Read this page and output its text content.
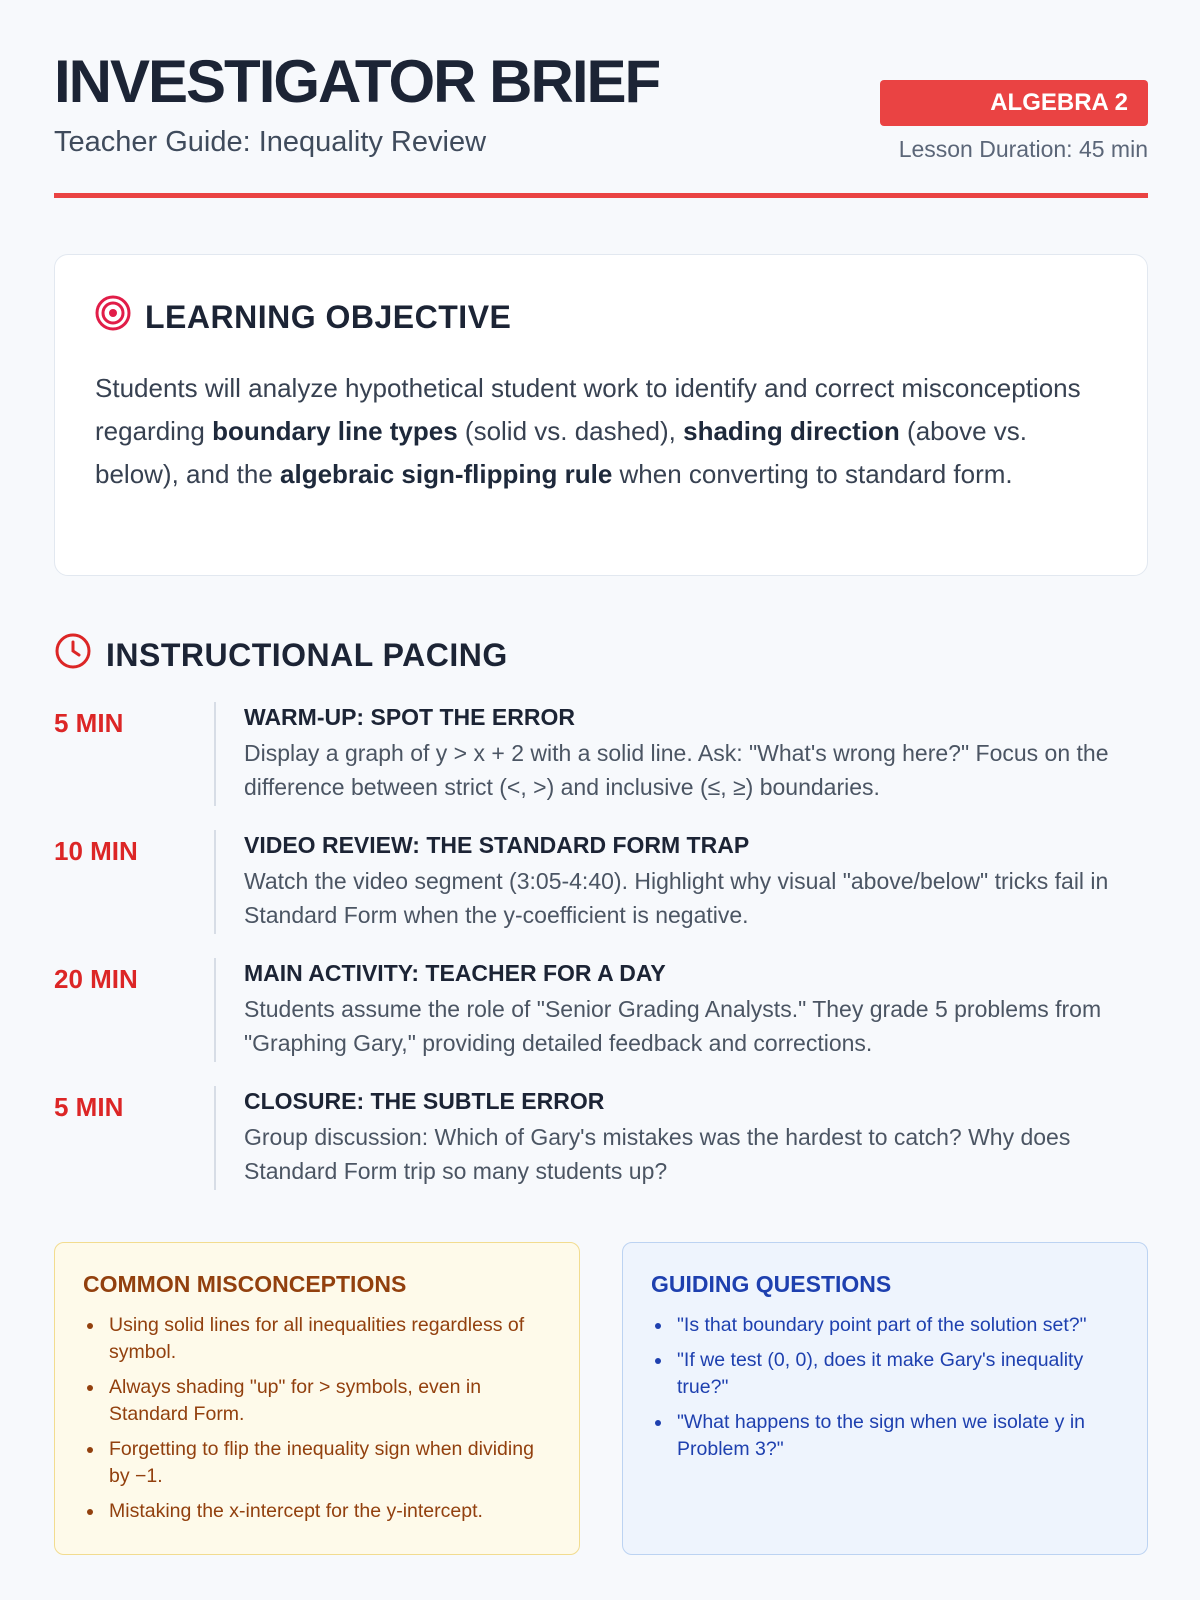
INVESTIGATOR BRIEF
Teacher Guide: Inequality Review
ALGEBRA 2
Lesson Duration: 45 min
LEARNING OBJECTIVE

Students will analyze hypothetical student work to identify and correct misconceptions regarding boundary line types (solid vs. dashed), shading direction (above vs. below), and the algebraic sign-flipping rule when converting to standard form.

INSTRUCTIONAL PACING
5 MIN	WARM-UP: SPOT THE ERROR
Display a graph of y > x + 2 with a solid line. Ask: "What's wrong here?" Focus on the difference between strict (<, >) and inclusive (≤, ≥) boundaries.
10 MIN	VIDEO REVIEW: THE STANDARD FORM TRAP
Watch the video segment (3:05-4:40). Highlight why visual "above/below" tricks fail in Standard Form when the y-coefficient is negative.
20 MIN	MAIN ACTIVITY: TEACHER FOR A DAY
Students assume the role of "Senior Grading Analysts." They grade 5 problems from "Graphing Gary," providing detailed feedback and corrections.
5 MIN	CLOSURE: THE SUBTLE ERROR
Group discussion: Which of Gary's mistakes was the hardest to catch? Why does Standard Form trip so many students up?
COMMON MISCONCEPTIONS
Using solid lines for all inequalities regardless of symbol.
Always shading "up" for > symbols, even in Standard Form.
Forgetting to flip the inequality sign when dividing by −1.
Mistaking the x-intercept for the y-intercept.
GUIDING QUESTIONS
"Is that boundary point part of the solution set?"
"If we test (0, 0), does it make Gary's inequality true?"
"What happens to the sign when we isolate y in Problem 3?"
